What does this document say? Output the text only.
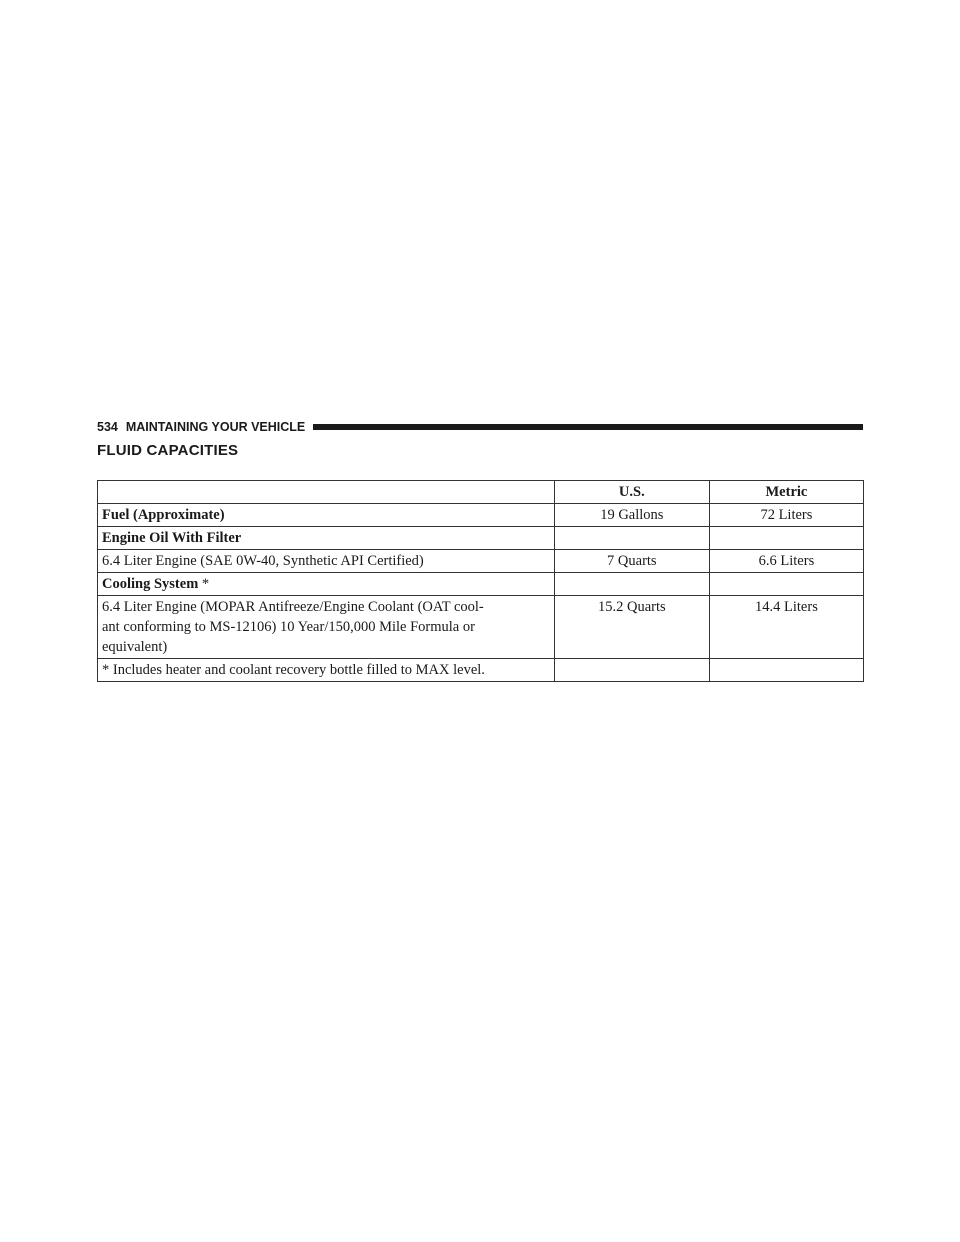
534 MAINTAINING YOUR VEHICLE
FLUID CAPACITIES
	U.S.	Metric
Fuel (Approximate)	19 Gallons	72 Liters
Engine Oil With Filter		
6.4 Liter Engine (SAE 0W-40, Synthetic API Certified)	7 Quarts	6.6 Liters
Cooling System *		
6.4 Liter Engine (MOPAR Antifreeze/Engine Coolant (OAT cool-
ant conforming to MS-12106) 10 Year/150,000 Mile Formula or
equivalent)	15.2 Quarts	14.4 Liters
* Includes heater and coolant recovery bottle filled to MAX level.		
